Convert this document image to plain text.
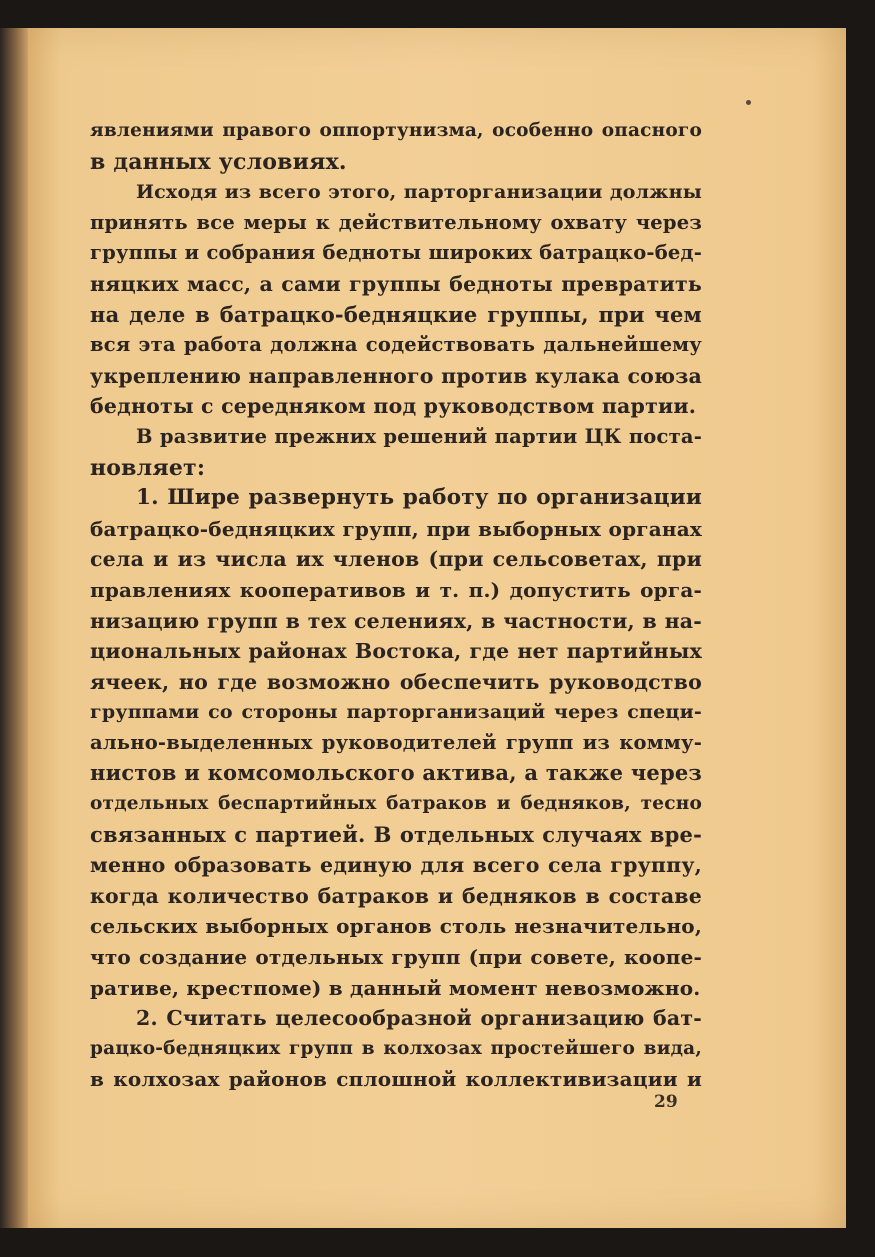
явлениями правого оппортунизма, особенно опасного
в данных условиях.
Исходя из всего этого, парторганизации должны
принять все меры к действительному охвату через
группы и собрания бедноты широких батрацко-бед-
няцких масс, а сами группы бедноты превратить
на деле в батрацко-бедняцкие группы, при чем
вся эта работа должна содействовать дальнейшему
укреплению направленного против кулака союза
бедноты с середняком под руководством партии.
В развитие прежних решений партии ЦК поста-
новляет:
1. Шире развернуть работу по организации
батрацко-бедняцких групп, при выборных органах
села и из числа их членов (при сельсоветах, при
правлениях кооперативов и т. п.) допустить орга-
низацию групп в тех селениях, в частности, в на-
циональных районах Востока, где нет партийных
ячеек, но где возможно обеспечить руководство
группами со стороны парторганизаций через специ-
ально-выделенных руководителей групп из комму-
нистов и комсомольского актива, а также через
отдельных беспартийных батраков и бедняков, тесно
связанных с партией. В отдельных случаях вре-
менно образовать единую для всего села группу,
когда количество батраков и бедняков в составе
сельских выборных органов столь незначительно,
что создание отдельных групп (при совете, коопе-
ративе, крестпоме) в данный момент невозможно.
2. Считать целесообразной организацию бат-
рацко-бедняцких групп в колхозах простейшего вида,
в колхозах районов сплошной коллективизации и
29
